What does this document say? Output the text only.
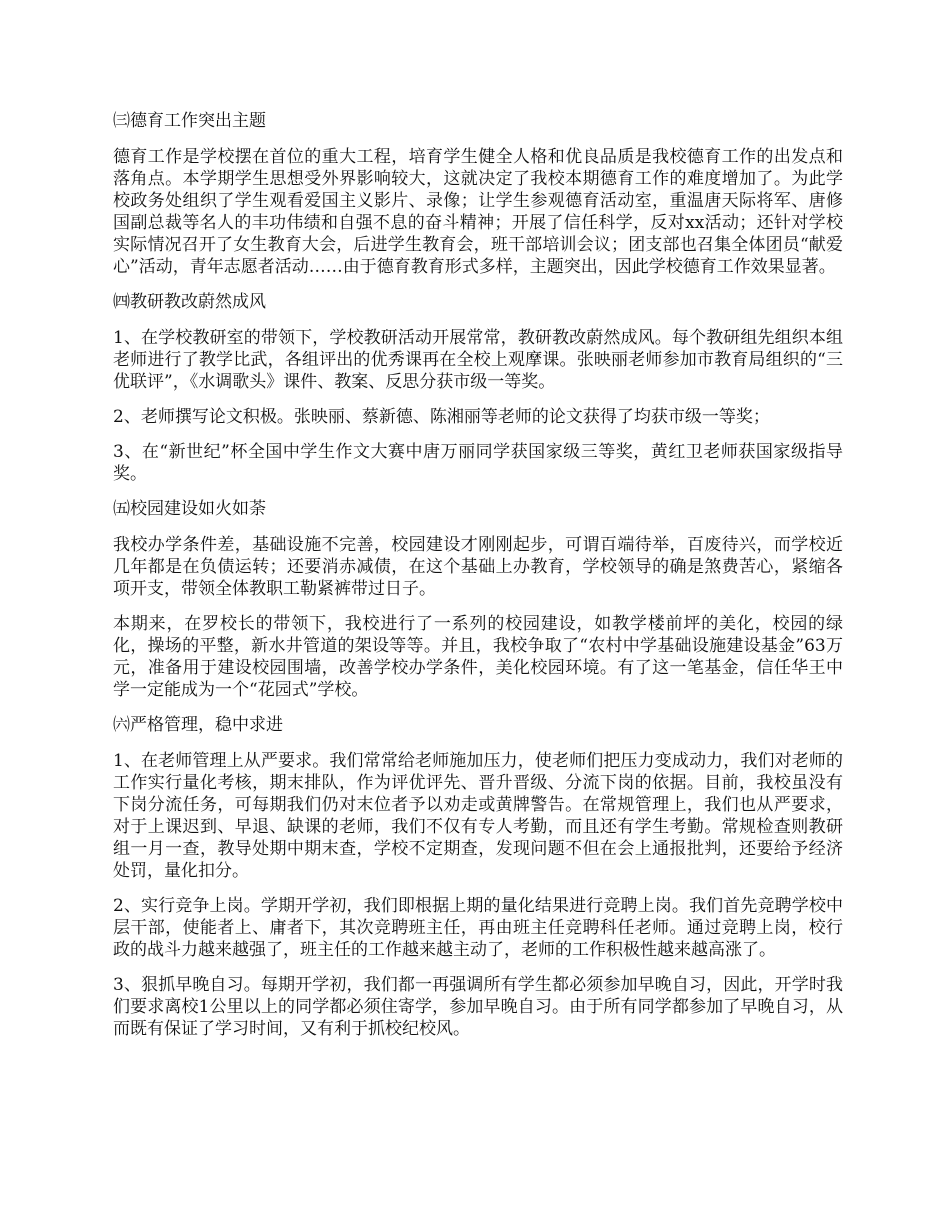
㈢德育工作突出主题
德育工作是学校摆在首位的重大工程，培育学生健全人格和优良品质是我校德育工作的出发点和落角点。本学期学生思想受外界影响较大，这就决定了我校本期德育工作的难度增加了。为此学校政务处组织了学生观看爱国主义影片、录像；让学生参观德育活动室，重温唐天际将军、唐修国副总裁等名人的丰功伟绩和自强不息的奋斗精神；开展了信任科学，反对xx活动；还针对学校实际情况召开了女生教育大会，后进学生教育会，班干部培训会议；团支部也召集全体团员“献爱心”活动，青年志愿者活动……由于德育教育形式多样，主题突出，因此学校德育工作效果显著。
㈣教研教改蔚然成风
1、在学校教研室的带领下，学校教研活动开展常常，教研教改蔚然成风。每个教研组先组织本组老师进行了教学比武，各组评出的优秀课再在全校上观摩课。张映丽老师参加市教育局组织的“三优联评”，《水调歌头》课件、教案、反思分获市级一等奖。
2、老师撰写论文积极。张映丽、蔡新德、陈湘丽等老师的论文获得了均获市级一等奖；
3、在“新世纪”杯全国中学生作文大赛中唐万丽同学获国家级三等奖，黄红卫老师获国家级指导奖。
㈤校园建设如火如荼
我校办学条件差，基础设施不完善，校园建设才刚刚起步，可谓百端待举，百废待兴，而学校近几年都是在负债运转；还要消赤减债，在这个基础上办教育，学校领导的确是煞费苦心，紧缩各项开支，带领全体教职工勒紧裤带过日子。
本期来，在罗校长的带领下，我校进行了一系列的校园建设，如教学楼前坪的美化，校园的绿化，操场的平整，新水井管道的架设等等。并且，我校争取了“农村中学基础设施建设基金”63万元，准备用于建设校园围墙，改善学校办学条件，美化校园环境。有了这一笔基金，信任华王中学一定能成为一个“花园式”学校。
㈥严格管理，稳中求进
1、在老师管理上从严要求。我们常常给老师施加压力，使老师们把压力变成动力，我们对老师的工作实行量化考核，期末排队，作为评优评先、晋升晋级、分流下岗的依据。目前，我校虽没有下岗分流任务，可每期我们仍对末位者予以劝走或黄牌警告。在常规管理上，我们也从严要求，对于上课迟到、早退、缺课的老师，我们不仅有专人考勤，而且还有学生考勤。常规检查则教研组一月一查，教导处期中期末查，学校不定期查，发现问题不但在会上通报批判，还要给予经济处罚，量化扣分。
2、实行竞争上岗。学期开学初，我们即根据上期的量化结果进行竞聘上岗。我们首先竞聘学校中层干部，使能者上、庸者下，其次竞聘班主任，再由班主任竞聘科任老师。通过竞聘上岗，校行政的战斗力越来越强了，班主任的工作越来越主动了，老师的工作积极性越来越高涨了。
3、狠抓早晚自习。每期开学初，我们都一再强调所有学生都必须参加早晚自习，因此，开学时我们要求离校1公里以上的同学都必须住寄学，参加早晚自习。由于所有同学都参加了早晚自习，从而既有保证了学习时间，又有利于抓校纪校风。
